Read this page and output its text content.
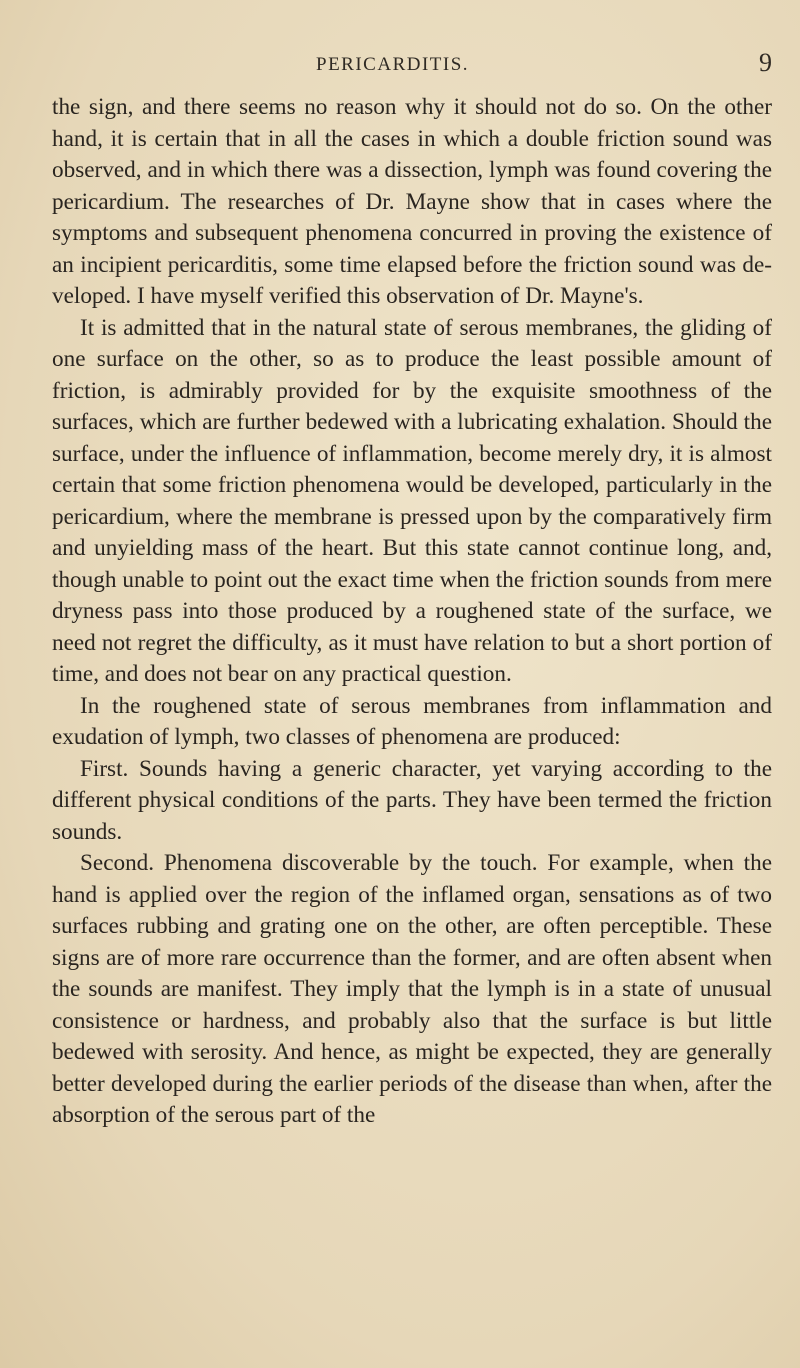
PERICARDITIS.	9

the sign, and there seems no reason why it should not do so. On the other hand, it is certain that in all the cases in which a double friction sound was observed, and in which there was a dissection, lymph was found covering the pericardium. The researches of Dr. Mayne show that in cases where the symptoms and subsequent phenomena concurred in proving the existence of an incipient pericarditis, some time elapsed before the friction sound was developed. I have myself verified this observation of Dr. Mayne's.

It is admitted that in the natural state of serous membranes, the gliding of one surface on the other, so as to produce the least possible amount of friction, is admirably provided for by the exquisite smoothness of the surfaces, which are further bedewed with a lubricating exhalation. Should the surface, under the influence of inflammation, become merely dry, it is almost certain that some friction phenomena would be developed, particularly in the pericardium, where the membrane is pressed upon by the comparatively firm and unyielding mass of the heart. But this state cannot continue long, and, though unable to point out the exact time when the friction sounds from mere dryness pass into those produced by a roughened state of the surface, we need not regret the difficulty, as it must have relation to but a short portion of time, and does not bear on any practical question.

In the roughened state of serous membranes from inflammation and exudation of lymph, two classes of phenomena are produced:

First. Sounds having a generic character, yet varying according to the different physical conditions of the parts. They have been termed the friction sounds.

Second. Phenomena discoverable by the touch. For example, when the hand is applied over the region of the inflamed organ, sensations as of two surfaces rubbing and grating one on the other, are often perceptible. These signs are of more rare occurrence than the former, and are often absent when the sounds are manifest. They imply that the lymph is in a state of unusual consistence or hardness, and probably also that the surface is but little bedewed with serosity. And hence, as might be expected, they are generally better developed during the earlier periods of the disease than when, after the absorption of the serous part of the
